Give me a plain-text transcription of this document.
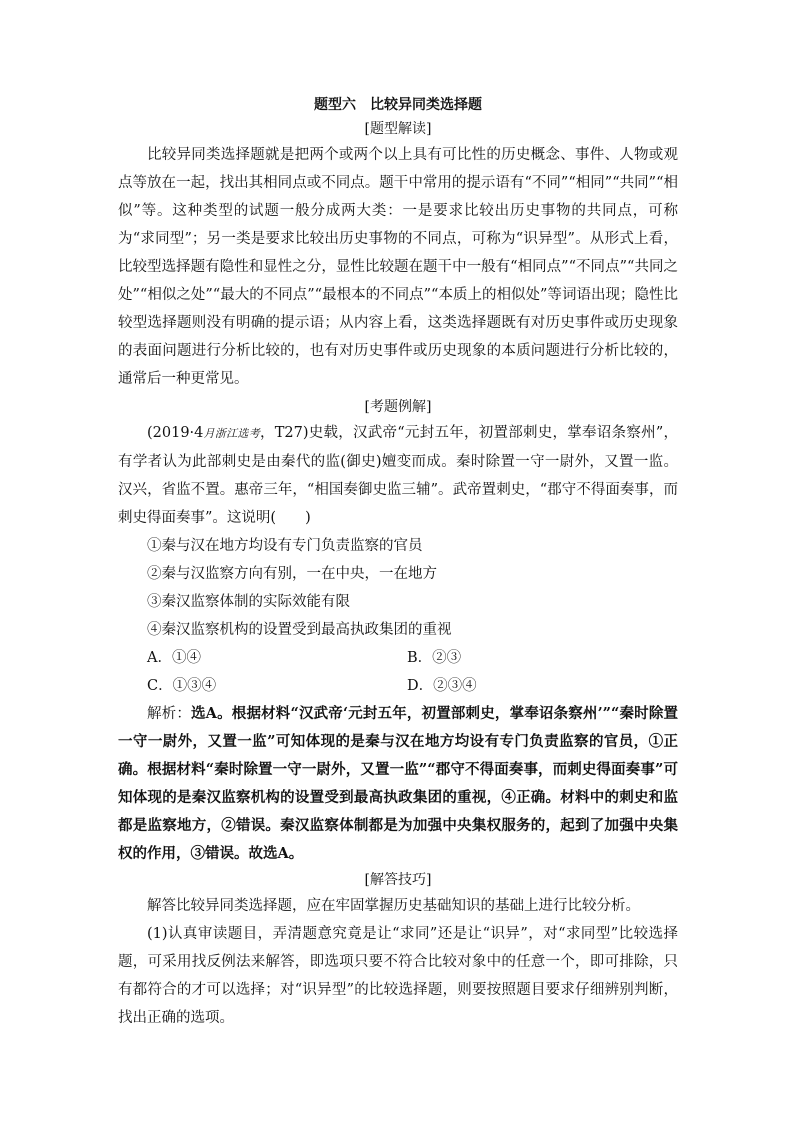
题型六　比较异同类选择题
[题型解读]

比较异同类选择题就是把两个或两个以上具有可比性的历史概念、事件、人物或观点等放在一起，找出其相同点或不同点。题干中常用的提示语有“不同”“相同”“共同”“相似”等。这种类型的试题一般分成两大类：一是要求比较出历史事物的共同点，可称为“求同型”；另一类是要求比较出历史事物的不同点，可称为“识异型”。从形式上看，比较型选择题有隐性和显性之分，显性比较题在题干中一般有“相同点”“不同点”“共同之处”“相似之处”“最大的不同点”“最根本的不同点”“本质上的相似处”等词语出现；隐性比较型选择题则没有明确的提示语；从内容上看，这类选择题既有对历史事件或历史现象的表面问题进行分析比较的，也有对历史事件或历史现象的本质问题进行分析比较的，通常后一种更常见。

[考题例解]

(2019·4月浙江选考，T27)史载，汉武帝“元封五年，初置部刺史，掌奉诏条察州”，有学者认为此部刺史是由秦代的监(御史)嬗变而成。秦时除置一守一尉外，又置一监。汉兴，省监不置。惠帝三年，“相国奏御史监三辅”。武帝置刺史，“郡守不得面奏事，而刺史得面奏事”。这说明(　　)

①秦与汉在地方均设有专门负责监察的官员
②秦与汉监察方向有别，一在中央，一在地方
③秦汉监察体制的实际效能有限
④秦汉监察机构的设置受到最高执政集团的重视
A．①④	B．②③
C．①③④	D．②③④

解析：选A。根据材料“汉武帝‘元封五年，初置部刺史，掌奉诏条察州’”“秦时除置一守一尉外，又置一监”可知体现的是秦与汉在地方均设有专门负责监察的官员，①正确。根据材料“秦时除置一守一尉外，又置一监”“郡守不得面奏事，而刺史得面奏事”可知体现的是秦汉监察机构的设置受到最高执政集团的重视，④正确。材料中的刺史和监都是监察地方，②错误。秦汉监察体制都是为加强中央集权服务的，起到了加强中央集权的作用，③错误。故选A。

[解答技巧]

解答比较异同类选择题，应在牢固掌握历史基础知识的基础上进行比较分析。

(1)认真审读题目，弄清题意究竟是让“求同”还是让“识异”，对“求同型”比较选择题，可采用找反例法来解答，即选项只要不符合比较对象中的任意一个，即可排除，只有都符合的才可以选择；对“识异型”的比较选择题，则要按照题目要求仔细辨别判断，找出正确的选项。
